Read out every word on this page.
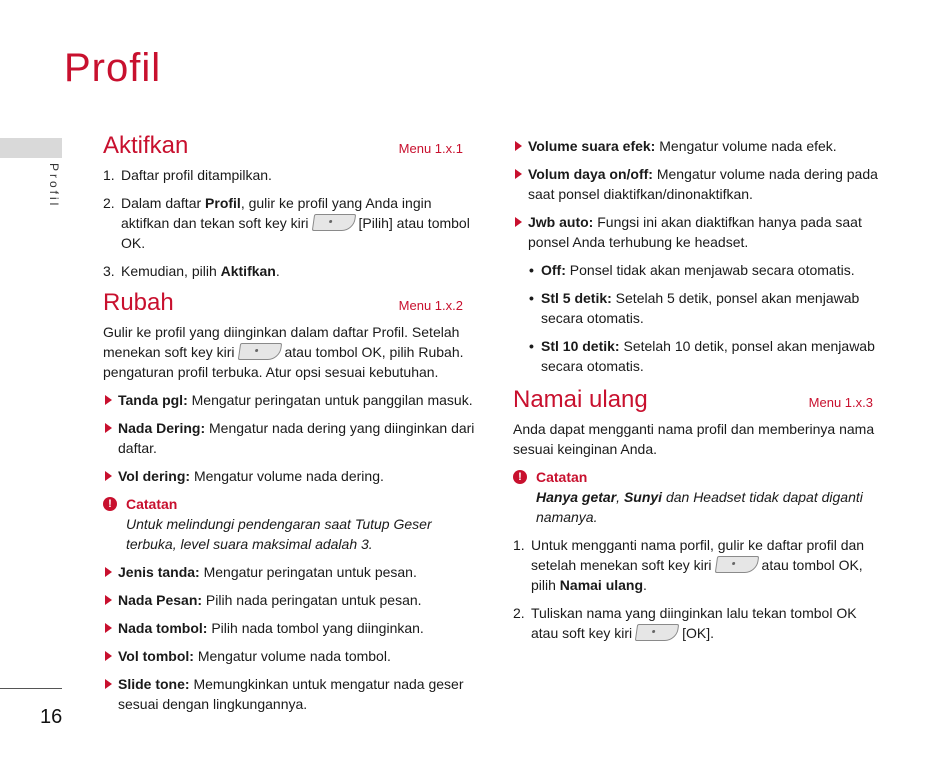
Profil
Profil
16
Aktifkan	Menu 1.x.1
1. Daftar profil ditampilkan.
2. Dalam daftar Profil, gulir ke profil yang Anda ingin aktifkan dan tekan soft key kiri	[Pilih] atau tombol OK.
3. Kemudian, pilih Aktifkan.
Rubah	Menu 1.x.2
Gulir ke profil yang diinginkan dalam daftar Profil. Setelah menekan soft key kiri	atau tombol OK, pilih Rubah. pengaturan profil terbuka. Atur opsi sesuai kebutuhan.
Tanda pgl: Mengatur peringatan untuk panggilan masuk.
Nada Dering: Mengatur nada dering yang diinginkan dari daftar.
Vol dering: Mengatur volume nada dering.
!	Catatan
Untuk melindungi pendengaran saat Tutup Geser terbuka, level suara maksimal adalah 3.
Jenis tanda: Mengatur peringatan untuk pesan.
Nada Pesan: Pilih nada peringatan untuk pesan.
Nada tombol: Pilih nada tombol yang diinginkan.
Vol tombol: Mengatur volume nada tombol.
Slide tone: Memungkinkan untuk mengatur nada geser sesuai dengan lingkungannya.
Volume suara efek: Mengatur volume nada efek.
Volum daya on/off: Mengatur volume nada dering pada saat ponsel diaktifkan/dinonaktifkan.
Jwb auto: Fungsi ini akan diaktifkan hanya pada saat ponsel Anda terhubung ke headset.
• Off: Ponsel tidak akan menjawab secara otomatis.
• Stl 5 detik: Setelah 5 detik, ponsel akan menjawab secara otomatis.
• Stl 10 detik: Setelah 10 detik, ponsel akan menjawab secara otomatis.
Namai ulang	Menu 1.x.3
Anda dapat mengganti nama profil dan memberinya nama sesuai keinginan Anda.
!	Catatan
Hanya getar, Sunyi dan Headset tidak dapat diganti namanya.
1. Untuk mengganti nama porfil, gulir ke daftar profil dan setelah menekan soft key kiri	atau tombol OK, pilih Namai ulang.
2. Tuliskan nama yang diinginkan lalu tekan tombol OK atau soft key kiri	[OK].
